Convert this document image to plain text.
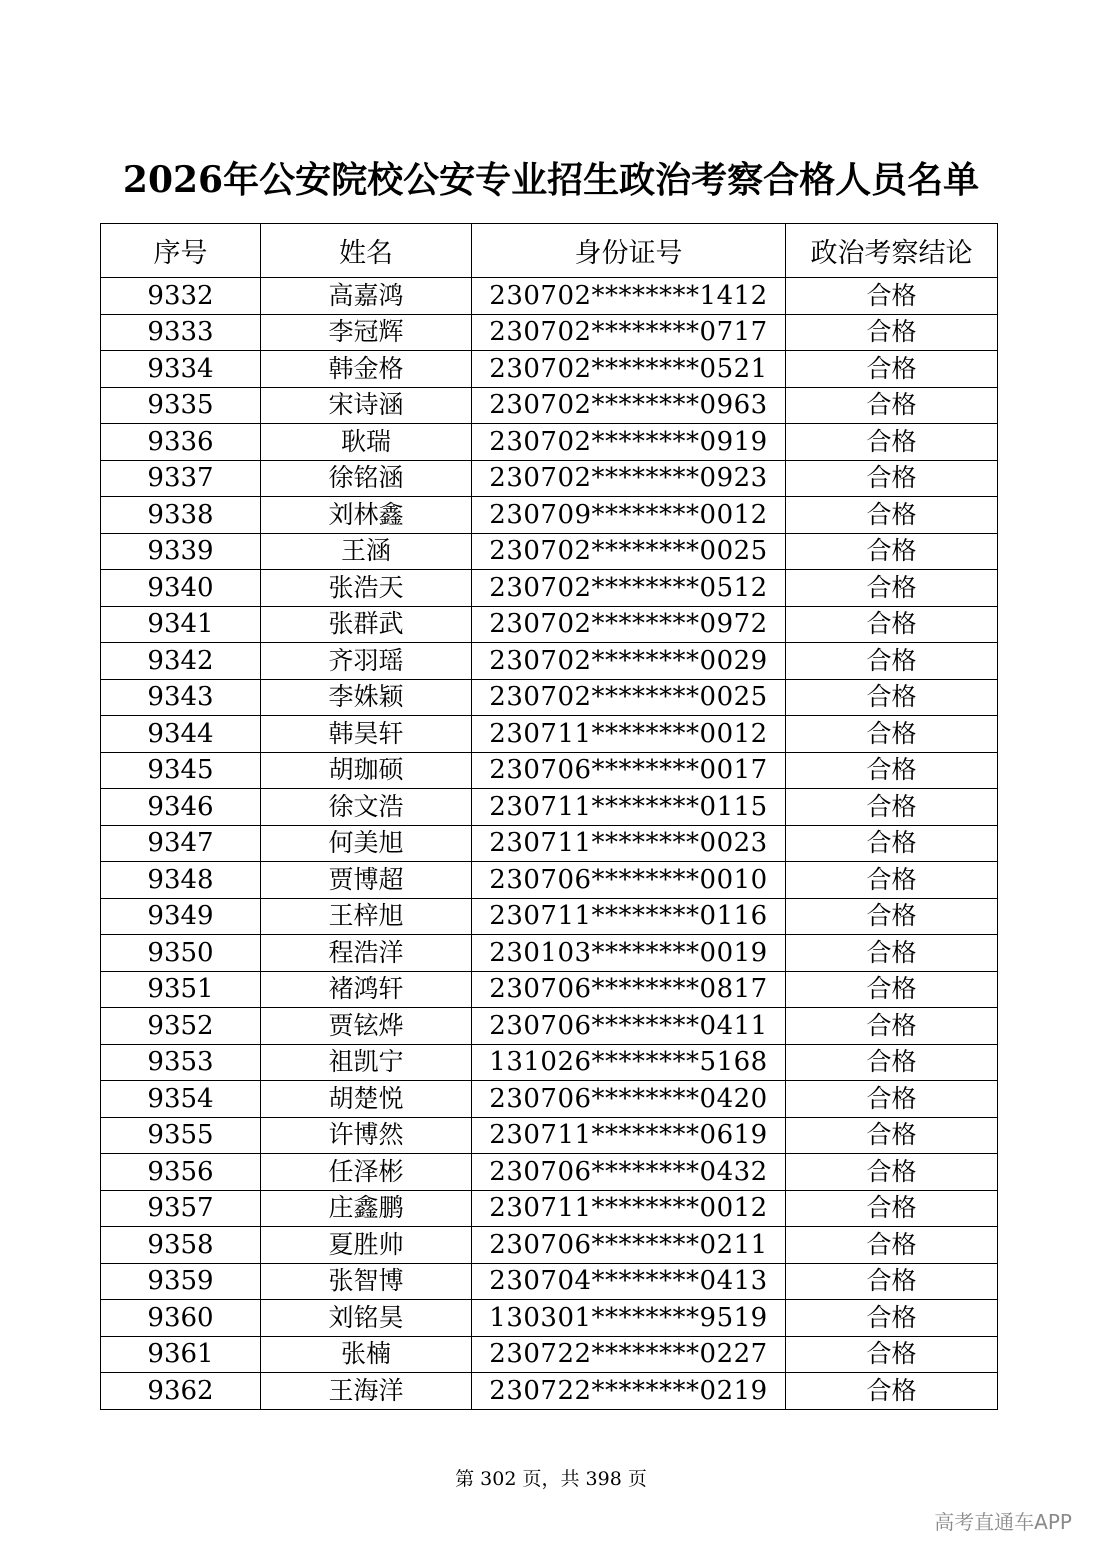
2026年公安院校公安专业招生政治考察合格人员名单
序号	姓名	身份证号	政治考察结论
9332	高嘉鸿	230702********1412	合格
9333	李冠辉	230702********0717	合格
9334	韩金格	230702********0521	合格
9335	宋诗涵	230702********0963	合格
9336	耿瑞	230702********0919	合格
9337	徐铭涵	230702********0923	合格
9338	刘林鑫	230709********0012	合格
9339	王涵	230702********0025	合格
9340	张浩天	230702********0512	合格
9341	张群武	230702********0972	合格
9342	齐羽瑶	230702********0029	合格
9343	李姝颖	230702********0025	合格
9344	韩昊轩	230711********0012	合格
9345	胡珈硕	230706********0017	合格
9346	徐文浩	230711********0115	合格
9347	何美旭	230711********0023	合格
9348	贾博超	230706********0010	合格
9349	王梓旭	230711********0116	合格
9350	程浩洋	230103********0019	合格
9351	褚鸿轩	230706********0817	合格
9352	贾铉烨	230706********0411	合格
9353	祖凯宁	131026********5168	合格
9354	胡楚悦	230706********0420	合格
9355	许博然	230711********0619	合格
9356	任泽彬	230706********0432	合格
9357	庄鑫鹏	230711********0012	合格
9358	夏胜帅	230706********0211	合格
9359	张智博	230704********0413	合格
9360	刘铭昊	130301********9519	合格
9361	张楠	230722********0227	合格
9362	王海洋	230722********0219	合格
第 302 页，共 398 页
高考直通车APP
